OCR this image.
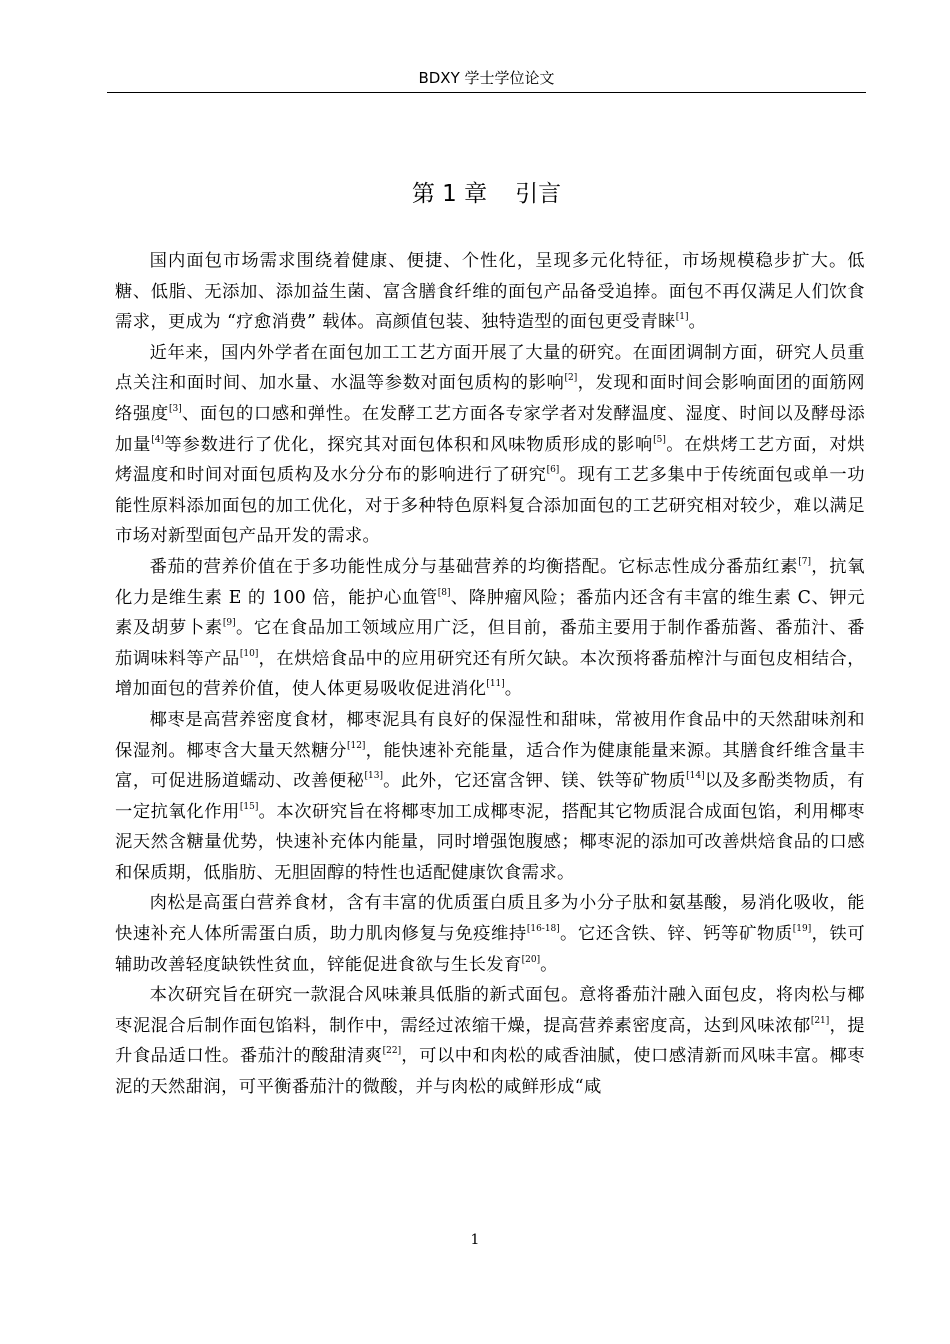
BDXY 学士学位论文
第 1 章 引言

国内面包市场需求围绕着健康、便捷、个性化，呈现多元化特征，市场规模稳步扩大。低糖、低脂、无添加、添加益生菌、富含膳食纤维的面包产品备受追捧。面包不再仅满足人们饮食需求，更成为 “疗愈消费” 载体。高颜值包装、独特造型的面包更受青睐[1]。

近年来，国内外学者在面包加工工艺方面开展了大量的研究。在面团调制方面，研究人员重点关注和面时间、加水量、水温等参数对面包质构的影响[2]，发现和面时间会影响面团的面筋网络强度[3]、面包的口感和弹性。在发酵工艺方面各专家学者对发酵温度、湿度、时间以及酵母添加量[4]等参数进行了优化，探究其对面包体积和风味物质形成的影响[5]。在烘烤工艺方面，对烘烤温度和时间对面包质构及水分分布的影响进行了研究[6]。现有工艺多集中于传统面包或单一功能性原料添加面包的加工优化，对于多种特色原料复合添加面包的工艺研究相对较少，难以满足市场对新型面包产品开发的需求。

番茄的营养价值在于多功能性成分与基础营养的均衡搭配。它标志性成分番茄红素[7]，抗氧化力是维生素 E 的 100 倍，能护心血管[8]、降肿瘤风险；番茄内还含有丰富的维生素 C、钾元素及胡萝卜素[9]。它在食品加工领域应用广泛，但目前，番茄主要用于制作番茄酱、番茄汁、番茄调味料等产品[10]，在烘焙食品中的应用研究还有所欠缺。本次预将番茄榨汁与面包皮相结合，增加面包的营养价值，使人体更易吸收促进消化[11]。

椰枣是高营养密度食材，椰枣泥具有良好的保湿性和甜味，常被用作食品中的天然甜味剂和保湿剂。椰枣含大量天然糖分[12]，能快速补充能量，适合作为健康能量来源。其膳食纤维含量丰富，可促进肠道蠕动、改善便秘[13]。此外，它还富含钾、镁、铁等矿物质[14]以及多酚类物质，有一定抗氧化作用[15]。本次研究旨在将椰枣加工成椰枣泥，搭配其它物质混合成面包馅，利用椰枣泥天然含糖量优势，快速补充体内能量，同时增强饱腹感；椰枣泥的添加可改善烘焙食品的口感和保质期，低脂肪、无胆固醇的特性也适配健康饮食需求。

肉松是高蛋白营养食材，含有丰富的优质蛋白质且多为小分子肽和氨基酸，易消化吸收，能快速补充人体所需蛋白质，助力肌肉修复与免疫维持[16-18]。它还含铁、锌、钙等矿物质[19]，铁可辅助改善轻度缺铁性贫血，锌能促进食欲与生长发育[20]。

本次研究旨在研究一款混合风味兼具低脂的新式面包。意将番茄汁融入面包皮，将肉松与椰枣泥混合后制作面包馅料，制作中，需经过浓缩干燥，提高营养素密度高，达到风味浓郁[21]，提升食品适口性。番茄汁的酸甜清爽[22]，可以中和肉松的咸香油腻，使口感清新而风味丰富。椰枣泥的天然甜润，可平衡番茄汁的微酸，并与肉松的咸鲜形成“咸

1
